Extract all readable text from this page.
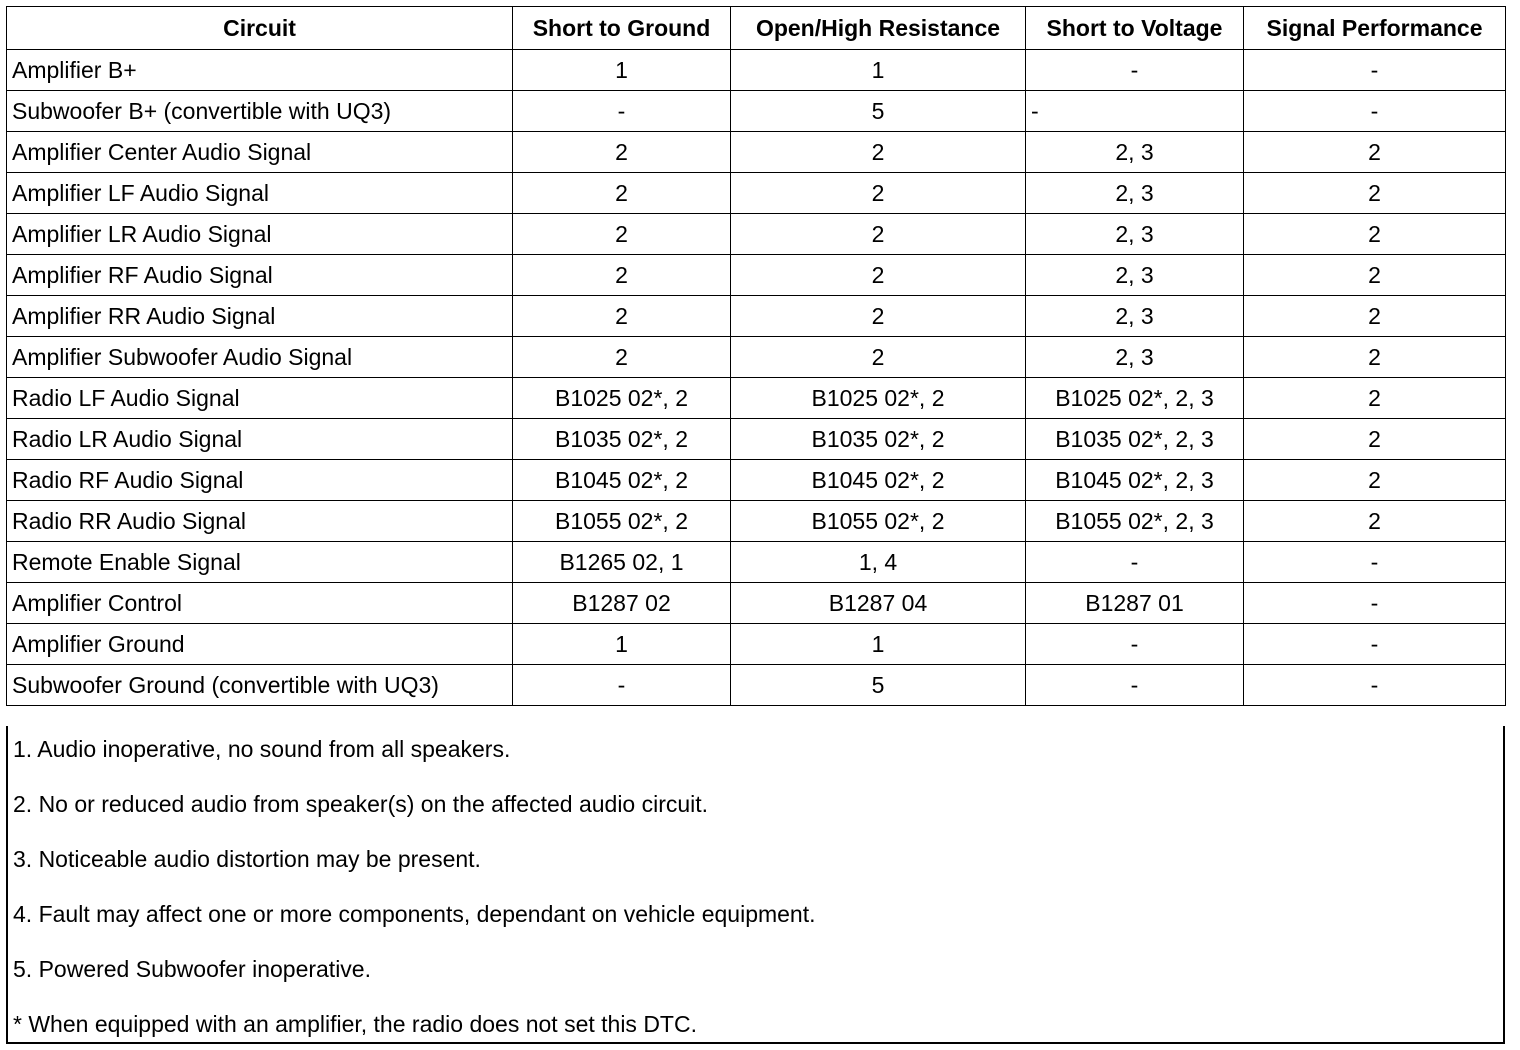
Circuit	Short to Ground	Open/High Resistance	Short to Voltage	Signal Performance
Amplifier B+	1	1	-	-
Subwoofer B+ (convertible with UQ3)	-	5	-	-
Amplifier Center Audio Signal	2	2	2, 3	2
Amplifier LF Audio Signal	2	2	2, 3	2
Amplifier LR Audio Signal	2	2	2, 3	2
Amplifier RF Audio Signal	2	2	2, 3	2
Amplifier RR Audio Signal	2	2	2, 3	2
Amplifier Subwoofer Audio Signal	2	2	2, 3	2
Radio LF Audio Signal	B1025 02*, 2	B1025 02*, 2	B1025 02*, 2, 3	2
Radio LR Audio Signal	B1035 02*, 2	B1035 02*, 2	B1035 02*, 2, 3	2
Radio RF Audio Signal	B1045 02*, 2	B1045 02*, 2	B1045 02*, 2, 3	2
Radio RR Audio Signal	B1055 02*, 2	B1055 02*, 2	B1055 02*, 2, 3	2
Remote Enable Signal	B1265 02, 1	1, 4	-	-
Amplifier Control	B1287 02	B1287 04	B1287 01	-
Amplifier Ground	1	1	-	-
Subwoofer Ground (convertible with UQ3)	-	5	-	-
1. Audio inoperative, no sound from all speakers.
2. No or reduced audio from speaker(s) on the affected audio circuit.
3. Noticeable audio distortion may be present.
4. Fault may affect one or more components, dependant on vehicle equipment.
5. Powered Subwoofer inoperative.
* When equipped with an amplifier, the radio does not set this DTC.
